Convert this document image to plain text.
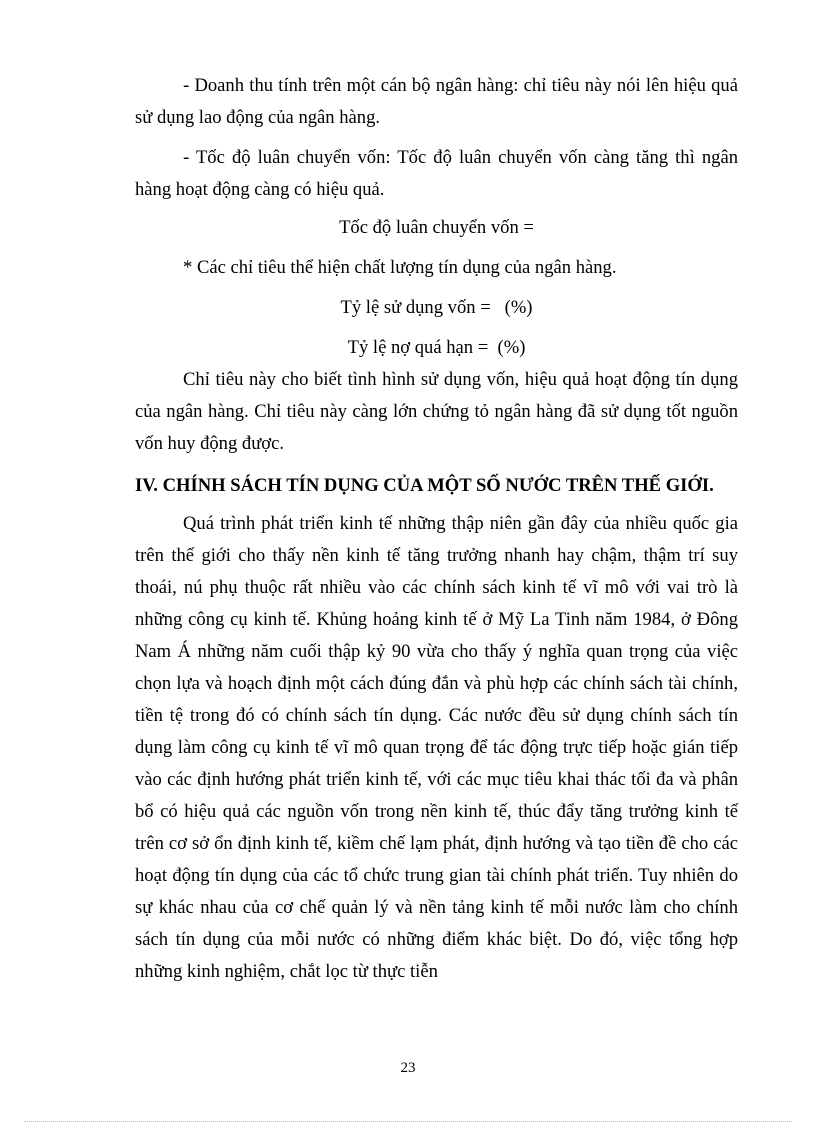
- Doanh thu tính trên một cán bộ ngân hàng: chỉ tiêu này nói lên hiệu quả sử dụng lao động của ngân hàng.

- Tốc độ luân chuyển vốn: Tốc độ luân chuyển vốn càng tăng thì ngân hàng hoạt động càng có hiệu quả.

Tốc độ luân chuyển vốn =

* Các chỉ tiêu thể hiện chất lượng tín dụng của ngân hàng.

Tỷ lệ sử dụng vốn =   (%)

Tỷ lệ nợ quá hạn =  (%)

Chỉ tiêu này cho biết tình hình sử dụng vốn, hiệu quả hoạt động tín dụng của ngân hàng. Chỉ tiêu này càng lớn chứng tỏ ngân hàng đã sử dụng tốt nguồn vốn huy động được.

IV. CHÍNH SÁCH TÍN DỤNG CỦA MỘT SỐ NƯỚC TRÊN THẾ GIỚI.

Quá trình phát triển kinh tế những thập niên gần đây của nhiều quốc gia trên thế giới cho thấy nền kinh tế tăng trưởng nhanh hay chậm, thậm trí suy thoái, nú phụ thuộc rất nhiều vào các chính sách kinh tế vĩ mô với vai trò là những công cụ kinh tế. Khủng hoảng kinh tế ở Mỹ La Tinh năm 1984, ở Đông Nam Á những năm cuối thập kỷ 90 vừa cho thấy ý nghĩa quan trọng của việc chọn lựa và hoạch định một cách đúng đắn và phù hợp các chính sách tài chính, tiền tệ trong đó có chính sách tín dụng. Các nước đều sử dụng chính sách tín dụng làm công cụ kinh tế vĩ mô quan trọng để tác động trực tiếp hoặc gián tiếp vào các định hướng phát triển kinh tế, với các mục tiêu khai thác tối đa và phân bổ có hiệu quả các nguồn vốn trong nền kinh tế, thúc đẩy tăng trưởng kinh tế trên cơ sở ổn định kinh tế, kiềm chế lạm phát, định hướng và tạo tiền đề cho các hoạt động tín dụng của các tổ chức trung gian tài chính phát triển. Tuy nhiên do sự khác nhau của cơ chế quản lý và nền tảng kinh tế mỗi nước làm cho chính sách tín dụng của mỗi nước có những điểm khác biệt. Do đó, việc tổng hợp những kinh nghiệm, chắt lọc từ thực tiễn

23
